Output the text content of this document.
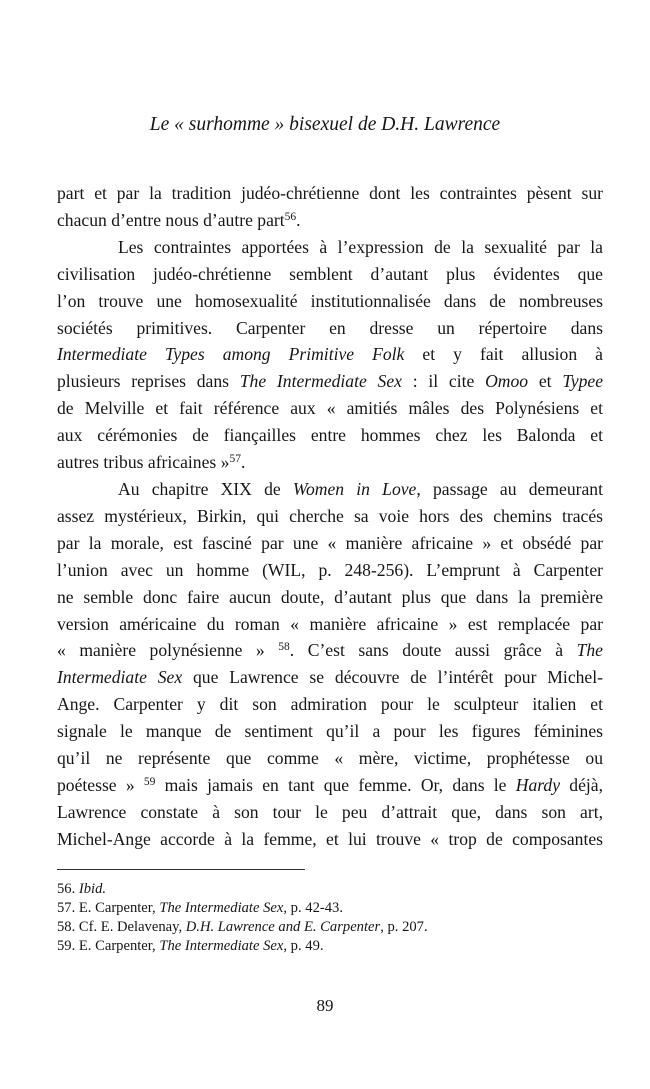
Le « surhomme » bisexuel de D.H. Lawrence
part et par la tradition judéo-chrétienne dont les contraintes pèsent sur
chacun d’entre nous d’autre part$^{56}$.
Les contraintes apportées à l’expression de la sexualité par la
civilisation judéo-chrétienne semblent d’autant plus évidentes que
l’on trouve une homosexualité institutionnalisée dans de nombreuses
sociétés primitives. Carpenter en dresse un répertoire dans
Intermediate Types among Primitive Folk et y fait allusion à
plusieurs reprises dans The Intermediate Sex : il cite Omoo et Typee
de Melville et fait référence aux « amitiés mâles des Polynésiens et
aux cérémonies de fiançailles entre hommes chez les Balonda et
autres tribus africaines »$^{57}$.
Au chapitre XIX de Women in Love, passage au demeurant
assez mystérieux, Birkin, qui cherche sa voie hors des chemins tracés
par la morale, est fasciné par une « manière africaine » et obsédé par
l’union avec un homme (WIL, p. 248-256). L’emprunt à Carpenter
ne semble donc faire aucun doute, d’autant plus que dans la première
version américaine du roman « manière africaine » est remplacée par
« manière polynésienne » $^{58}$. C’est sans doute aussi grâce à The
Intermediate Sex que Lawrence se découvre de l’intérêt pour Michel-
Ange. Carpenter y dit son admiration pour le sculpteur italien et
signale le manque de sentiment qu’il a pour les figures féminines
qu’il ne représente que comme « mère, victime, prophétesse ou
poétesse » $^{59}$ mais jamais en tant que femme. Or, dans le Hardy déjà,
Lawrence constate à son tour le peu d’attrait que, dans son art,
Michel-Ange accorde à la femme, et lui trouve « trop de composantes
56. Ibid.
57. E. Carpenter, The Intermediate Sex, p. 42-43.
58. Cf. E. Delavenay, D.H. Lawrence and E. Carpenter, p. 207.
59. E. Carpenter, The Intermediate Sex, p. 49.
89
